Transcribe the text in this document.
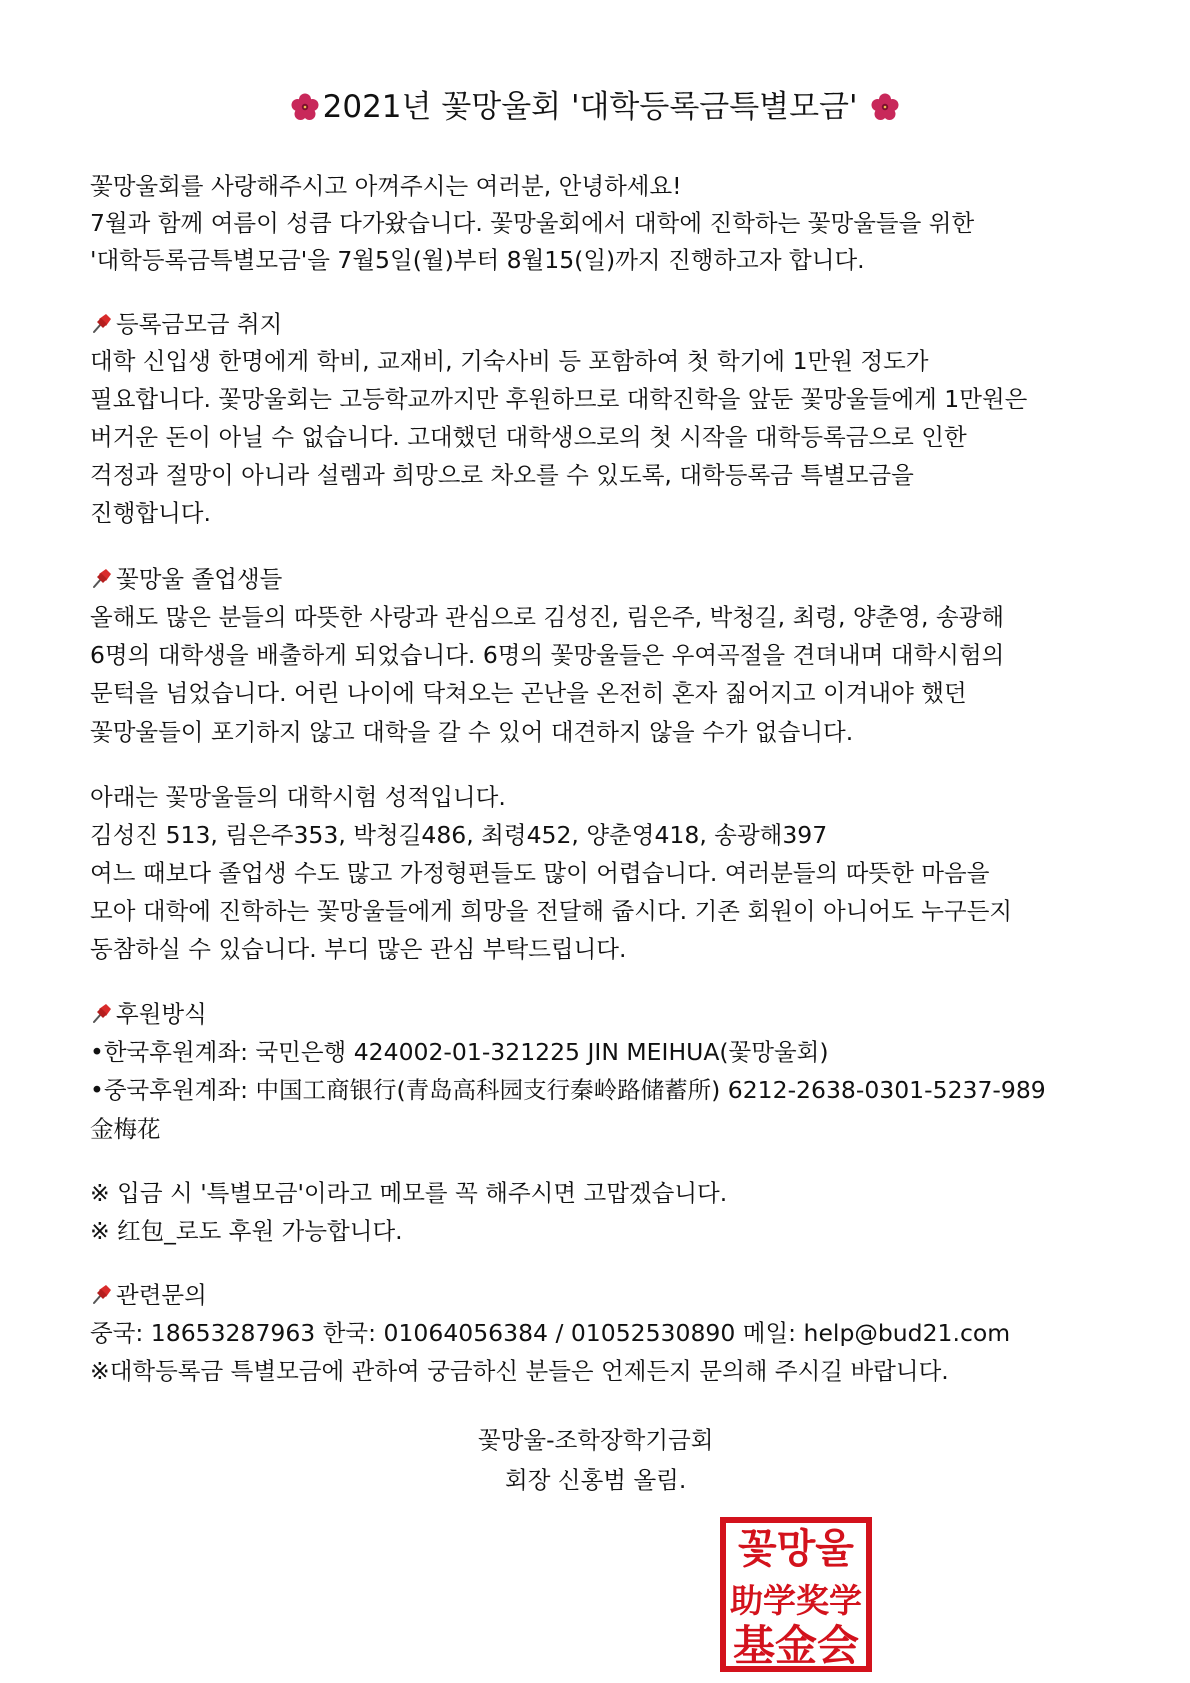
2021년 꽃망울회 '대학등록금특별모금'
꽃망울회를 사랑해주시고 아껴주시는 여러분, 안녕하세요!
7월과 함께 여름이 성큼 다가왔습니다. 꽃망울회에서 대학에 진학하는 꽃망울들을 위한
'대학등록금특별모금'을 7월5일(월)부터 8월15(일)까지 진행하고자 합니다.
등록금모금 취지
대학 신입생 한명에게 학비, 교재비, 기숙사비 등 포함하여 첫 학기에 1만원 정도가
필요합니다. 꽃망울회는 고등학교까지만 후원하므로 대학진학을 앞둔 꽃망울들에게 1만원은
버거운 돈이 아닐 수 없습니다. 고대했던 대학생으로의 첫 시작을 대학등록금으로 인한
걱정과 절망이 아니라 설렘과 희망으로 차오를 수 있도록, 대학등록금 특별모금을
진행합니다.
꽃망울 졸업생들
올해도 많은 분들의 따뜻한 사랑과 관심으로 김성진, 림은주, 박청길, 최령, 양춘영, 송광해
6명의 대학생을 배출하게 되었습니다. 6명의 꽃망울들은 우여곡절을 견뎌내며 대학시험의
문턱을 넘었습니다. 어린 나이에 닥쳐오는 곤난을 온전히 혼자 짊어지고 이겨내야 했던
꽃망울들이 포기하지 않고 대학을 갈 수 있어 대견하지 않을 수가 없습니다.
아래는 꽃망울들의 대학시험 성적입니다.
김성진 513, 림은주353, 박청길486, 최령452, 양춘영418, 송광해397
여느 때보다 졸업생 수도 많고 가정형편들도 많이 어렵습니다. 여러분들의 따뜻한 마음을
모아 대학에 진학하는 꽃망울들에게 희망을 전달해 줍시다. 기존 회원이 아니어도 누구든지
동참하실 수 있습니다. 부디 많은 관심 부탁드립니다.
후원방식
•한국후원계좌: 국민은행 424002-01-321225 JIN MEIHUA(꽃망울회)
•중국후원계좌: 中国工商银行(青岛高科园支行秦岭路储蓄所) 6212-2638-0301-5237-989
金梅花
※ 입금 시 '특별모금'이라고 메모를 꼭 해주시면 고맙겠습니다.
※ 红包_로도 후원 가능합니다.
관련문의
중국: 18653287963 한국: 01064056384 / 01052530890 메일: help@bud21.com
※대학등록금 특별모금에 관하여 궁금하신 분들은 언제든지 문의해 주시길 바랍니다.
꽃망울-조학장학기금회
회장 신홍범 올림.
꽃망울
助学奖学
基金会
